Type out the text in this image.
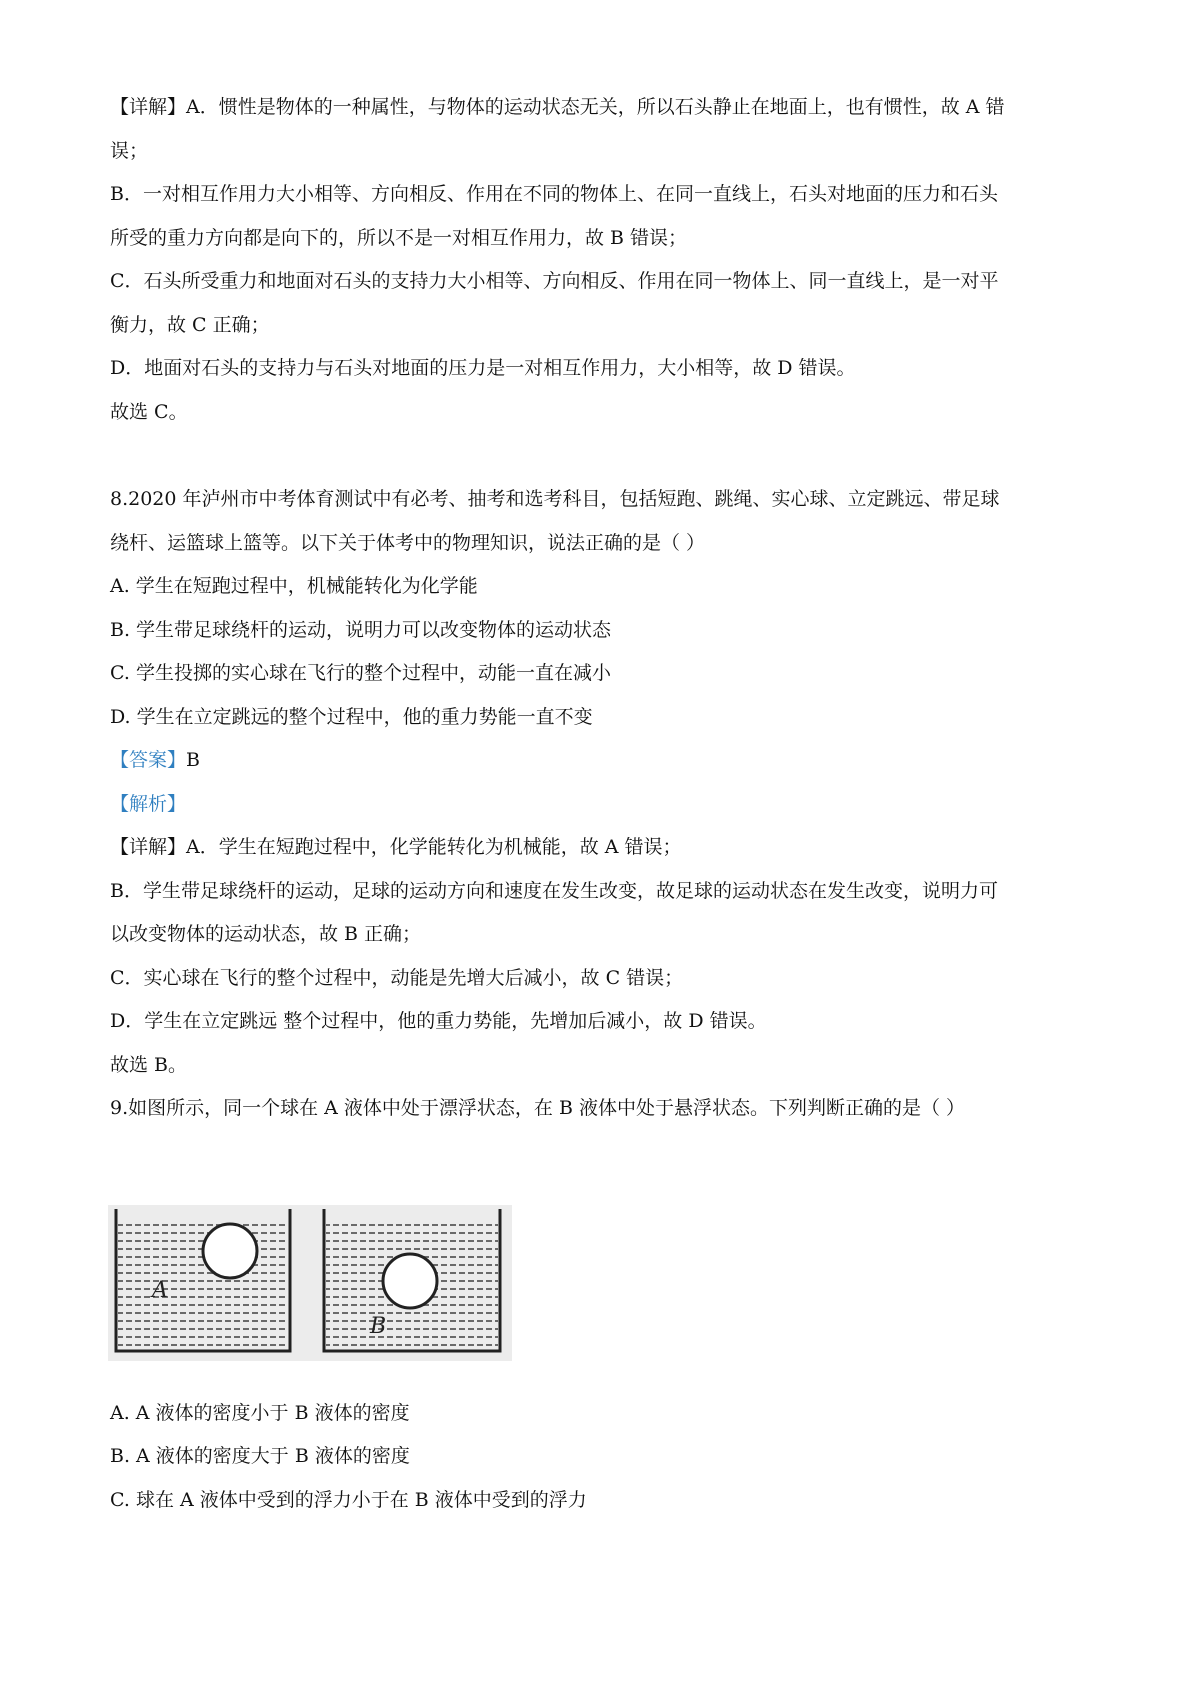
【详解】A．惯性是物体的一种属性，与物体的运动状态无关，所以石头静止在地面上，也有惯性，故 A 错
误；
B．一对相互作用力大小相等、方向相反、作用在不同的物体上、在同一直线上，石头对地面的压力和石头
所受的重力方向都是向下的，所以不是一对相互作用力，故 B 错误；
C．石头所受重力和地面对石头的支持力大小相等、方向相反、作用在同一物体上、同一直线上，是一对平
衡力，故 C 正确；
D．地面对石头的支持力与石头对地面的压力是一对相互作用力，大小相等，故 D 错误。
故选 C。
8.2020 年泸州市中考体育测试中有必考、抽考和选考科目，包括短跑、跳绳、实心球、立定跳远、带足球
绕杆、运篮球上篮等。以下关于体考中的物理知识，说法正确的是（ ）
A. 学生在短跑过程中，机械能转化为化学能
B. 学生带足球绕杆的运动，说明力可以改变物体的运动状态
C. 学生投掷的实心球在飞行的整个过程中，动能一直在减小
D. 学生在立定跳远的整个过程中，他的重力势能一直不变
【答案】B
【解析】
【详解】A．学生在短跑过程中，化学能转化为机械能，故 A 错误；
B．学生带足球绕杆的运动，足球的运动方向和速度在发生改变，故足球的运动状态在发生改变，说明力可
以改变物体的运动状态，故 B 正确；
C．实心球在飞行的整个过程中，动能是先增大后减小，故 C 错误；
D．学生在立定跳远 整个过程中，他的重力势能，先增加后减小，故 D 错误。
故选 B。
9.如图所示，同一个球在 A 液体中处于漂浮状态，在 B 液体中处于悬浮状态。下列判断正确的是（ ）
A
B
A. A 液体的密度小于 B 液体的密度
B. A 液体的密度大于 B 液体的密度
C. 球在 A 液体中受到的浮力小于在 B 液体中受到的浮力
